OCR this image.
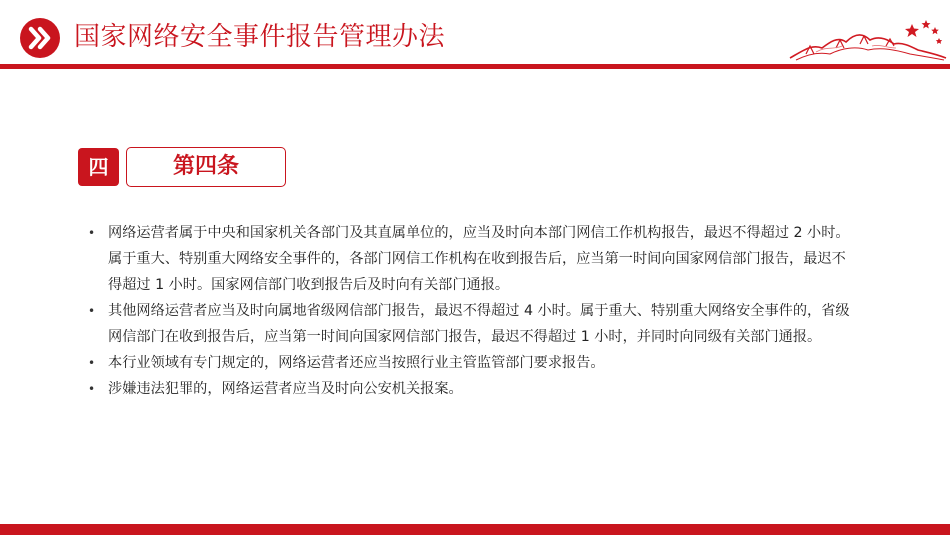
国家网络安全事件报告管理办法
四	第四条
• 网络运营者属于中央和国家机关各部门及其直属单位的，应当及时向本部门网信工作机构报告，最迟不得超过 2 小时。属于重大、特别重大网络安全事件的，各部门网信工作机构在收到报告后，应当第一时间向国家网信部门报告，最迟不得超过 1 小时。国家网信部门收到报告后及时向有关部门通报。
• 其他网络运营者应当及时向属地省级网信部门报告，最迟不得超过 4 小时。属于重大、特别重大网络安全事件的，省级网信部门在收到报告后，应当第一时间向国家网信部门报告，最迟不得超过 1 小时，并同时向同级有关部门通报。
• 本行业领域有专门规定的，网络运营者还应当按照行业主管监管部门要求报告。
• 涉嫌违法犯罪的，网络运营者应当及时向公安机关报案。
